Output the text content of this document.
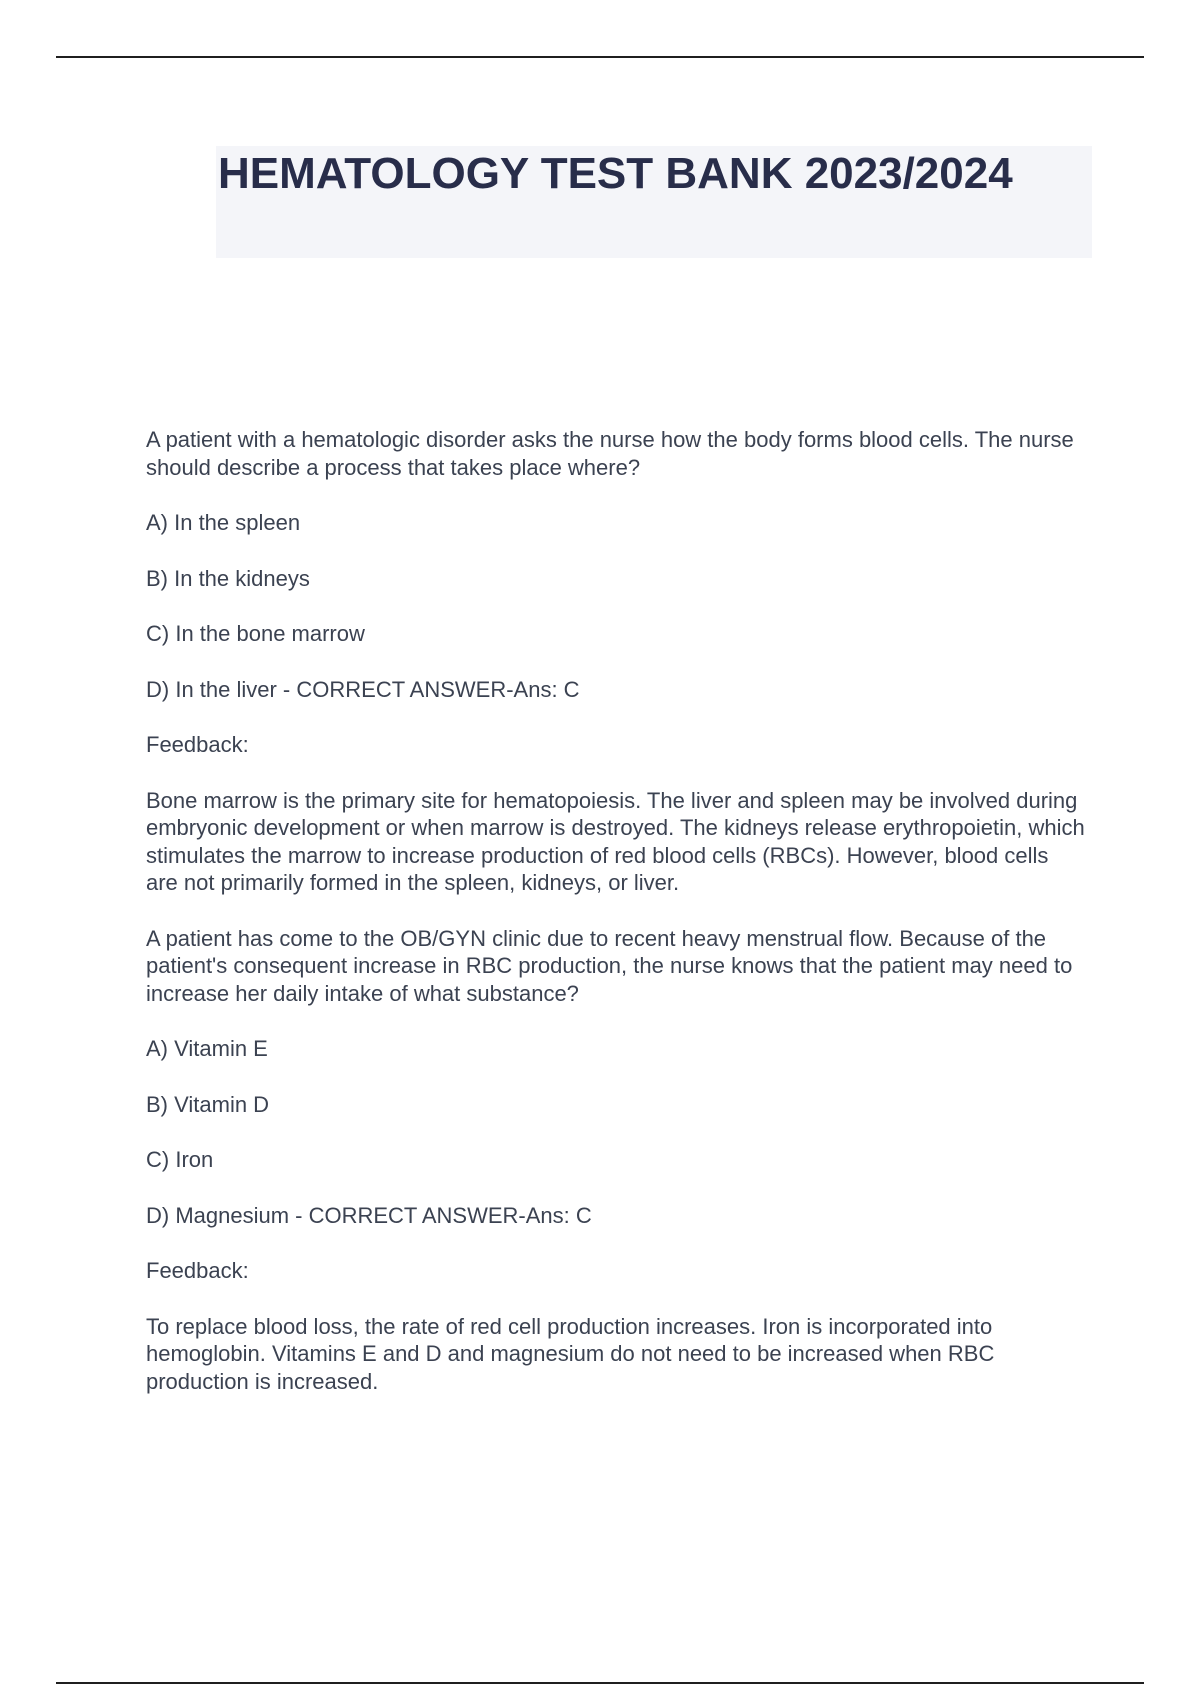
HEMATOLOGY TEST BANK 2023/2024

A patient with a hematologic disorder asks the nurse how the body forms blood cells. The nurse should describe a process that takes place where?

A) In the spleen

B) In the kidneys

C) In the bone marrow

D) In the liver - CORRECT ANSWER-Ans: C

Feedback:

Bone marrow is the primary site for hematopoiesis. The liver and spleen may be involved during embryonic development or when marrow is destroyed. The kidneys release erythropoietin, which stimulates the marrow to increase production of red blood cells (RBCs). However, blood cells are not primarily formed in the spleen, kidneys, or liver.

A patient has come to the OB/GYN clinic due to recent heavy menstrual flow. Because of the patient's consequent increase in RBC production, the nurse knows that the patient may need to increase her daily intake of what substance?

A) Vitamin E

B) Vitamin D

C) Iron

D) Magnesium - CORRECT ANSWER-Ans: C

Feedback:

To replace blood loss, the rate of red cell production increases. Iron is incorporated into hemoglobin. Vitamins E and D and magnesium do not need to be increased when RBC production is increased.
